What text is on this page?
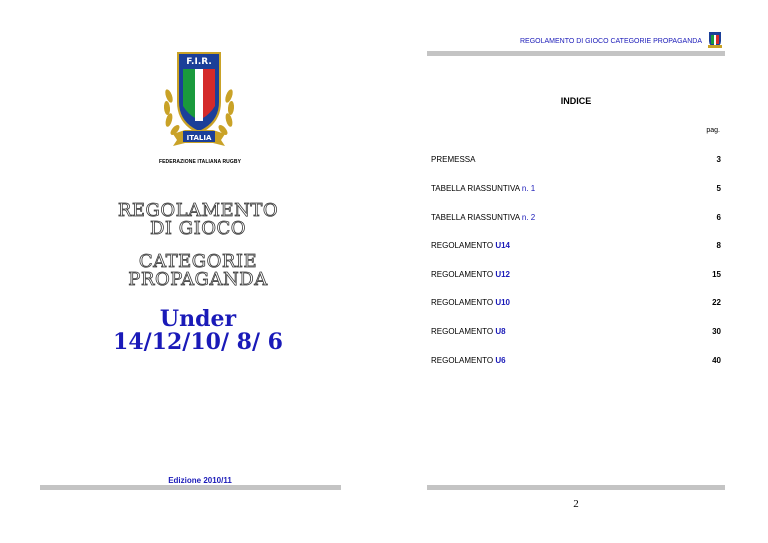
F.I.R.
ITALIA
FEDERAZIONE ITALIANA RUGBY
REGOLAMENTO
DI GIOCO
CATEGORIE
PROPAGANDA
Under
14/12/10/ 8/ 6
Edizione 2010/11
REGOLAMENTO DI GIOCO CATEGORIE PROPAGANDA
INDICE
pag.
PREMESSA	3
TABELLA RIASSUNTIVA n. 1	5
TABELLA RIASSUNTIVA n. 2	6
REGOLAMENTO U14	8
REGOLAMENTO U12	15
REGOLAMENTO U10	22
REGOLAMENTO U8	30
REGOLAMENTO U6	40
2
